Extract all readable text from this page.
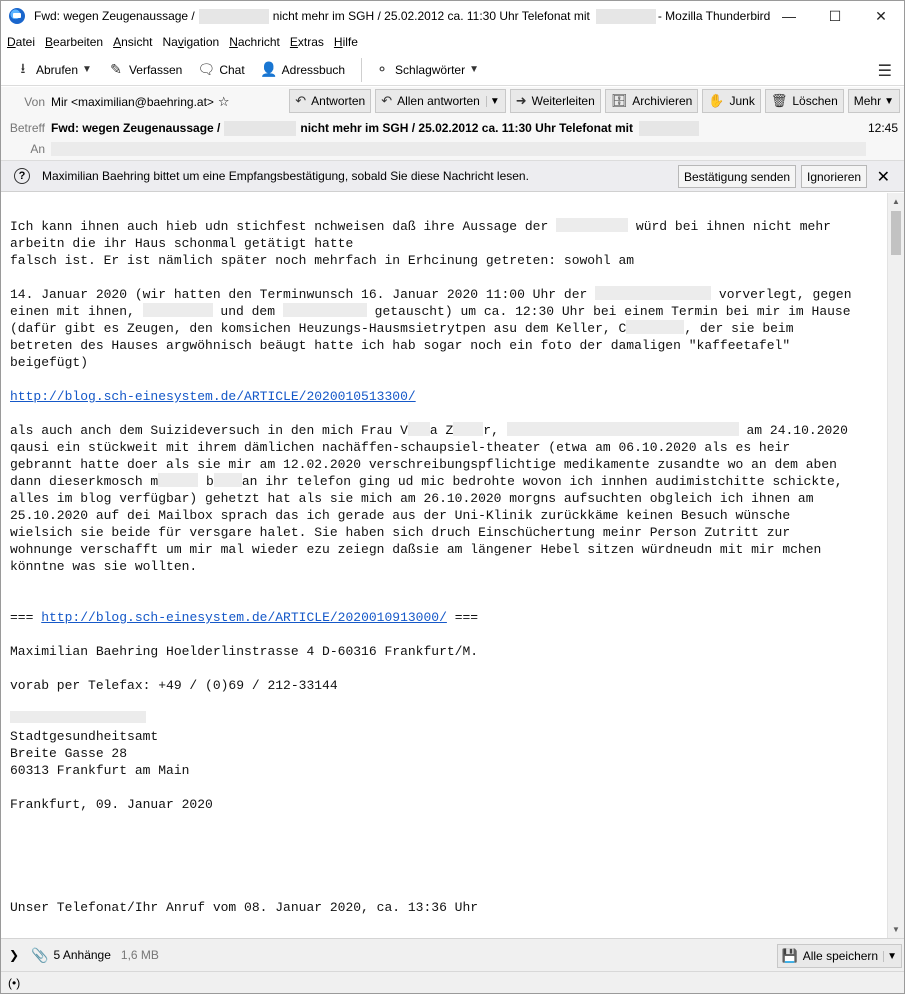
Fwd: wegen Zeugenaussage /	nicht mehr im SGH / 25.02.2012 ca. 11:30 Uhr Telefonat mit	- Mozilla Thunderbird —	☐	✕
Datei Bearbeiten Ansicht Navigation Nachricht Extras Hilfe
⭳ Abrufen ▼ ✎ Verfassen 🗨 Chat 👤 Adressbuch ⚬ Schlagwörter ▼	☰
Von Mir <maximilian@baehring.at> ☆	↶ Antworten ↶ Allen antworten	▼ ➜ Weiterleiten 🗄 Archivieren ✋ Junk 🗑 Löschen Mehr ▼
Betreff Fwd: wegen Zeugenaussage /	nicht mehr im SGH / 25.02.2012 ca. 11:30 Uhr Telefonat mit	12:45
An
?	Maximilian Baehring bittet um eine Empfangsbestätigung, sobald Sie diese Nachricht lesen.	Bestätigung senden Ignorieren ✕
Ich kann ihnen auch hieb udn stichfest nchweisen daß ihre Aussage der	würd bei ihnen nicht mehr
arbeitn die ihr Haus schonmal getätigt hatte
falsch ist. Er ist nämlich später noch mehrfach in Erhcinung getreten: sowohl am
14. Januar 2020 (wir hatten den Terminwunsch 16. Januar 2020 11:00 Uhr der	vorverlegt, gegen
einen mit ihnen,	und dem	getauscht) um ca. 12:30 Uhr bei einem Termin bei mir im Hause
(dafür gibt es Zeugen, den komsichen Heuzungs-Hausmsietrytpen asu dem Keller, C	, der sie beim
betreten des Hauses argwöhnisch beäugt hatte ich hab sogar noch ein foto der damaligen "kaffeetafel"
beigefügt)
http://blog.sch-einesystem.de/ARTICLE/2020010513300/
als auch anch dem Suizideversuch in den mich Frau V a Z r,	am 24.10.2020
qausi ein stückweit mit ihrem dämlichen nachäffen-schaupsiel-theater (etwa am 06.10.2020 als es heir
gebrannt hatte doer als sie mir am 12.02.2020 verschreibungspflichtige medikamente zusandte wo an dem aben
dann dieserkmosch m	b an ihr telefon ging ud mic bedrohte wovon ich innhen audimistchitte schickte,
alles im blog verfügbar) gehetzt hat als sie mich am 26.10.2020 morgns aufsuchten obgleich ich ihnen am
25.10.2020 auf dei Mailbox sprach das ich gerade aus der Uni-Klinik zurückkäme keinen Besuch wünsche
wielsich sie beide für versgare halet. Sie haben sich druch Einschüchertung meinr Person Zutritt zur
wohnunge verschafft um mir mal wieder ezu zeiegn daßsie am längener Hebel sitzen würdneudn mit mir mchen
könntne was sie wollten.
=== http://blog.sch-einesystem.de/ARTICLE/2020010913000/ ===
Maximilian Baehring Hoelderlinstrasse 4 D-60316 Frankfurt/M.
vorab per Telefax: +49 / (0)69 / 212-33144
Stadtgesundheitsamt
Breite Gasse 28
60313 Frankfurt am Main
Frankfurt, 09. Januar 2020
Unser Telefonat/Ihr Anruf vom 08. Januar 2020, ca. 13:36 Uhr
▲
▼
❯ 📎 5 Anhänge 1,6 MB	💾 Alle speichern ▼
(•)
